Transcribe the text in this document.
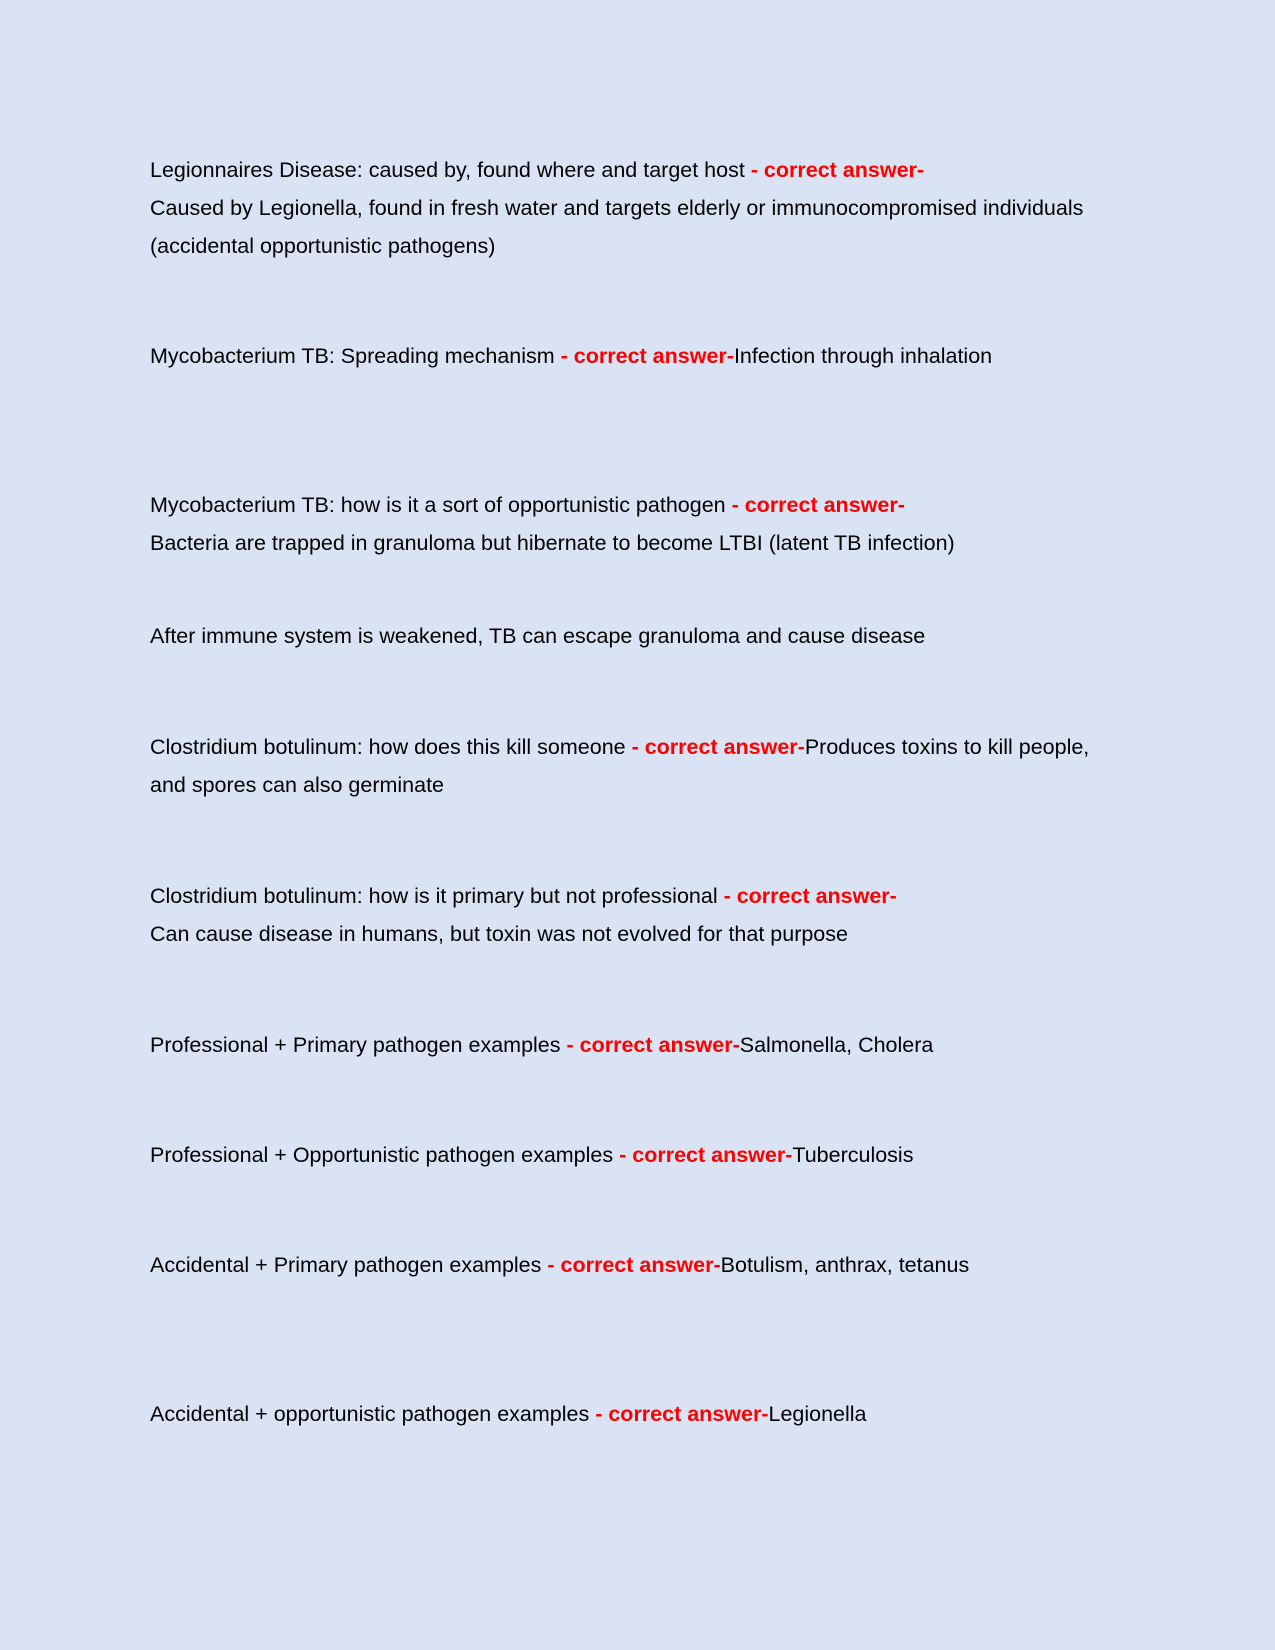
Legionnaires Disease: caused by, found where and target host - correct answer-
Caused by Legionella, found in fresh water and targets elderly or immunocompromised individuals (accidental opportunistic pathogens)
Mycobacterium TB: Spreading mechanism - correct answer-Infection through inhalation
Mycobacterium TB: how is it a sort of opportunistic pathogen - correct answer-
Bacteria are trapped in granuloma but hibernate to become LTBI (latent TB infection)
After immune system is weakened, TB can escape granuloma and cause disease
Clostridium botulinum: how does this kill someone - correct answer-Produces toxins to kill people, and spores can also germinate
Clostridium botulinum: how is it primary but not professional - correct answer-
Can cause disease in humans, but toxin was not evolved for that purpose
Professional + Primary pathogen examples - correct answer-Salmonella, Cholera
Professional + Opportunistic pathogen examples - correct answer-Tuberculosis
Accidental + Primary pathogen examples - correct answer-Botulism, anthrax, tetanus
Accidental + opportunistic pathogen examples - correct answer-Legionella
